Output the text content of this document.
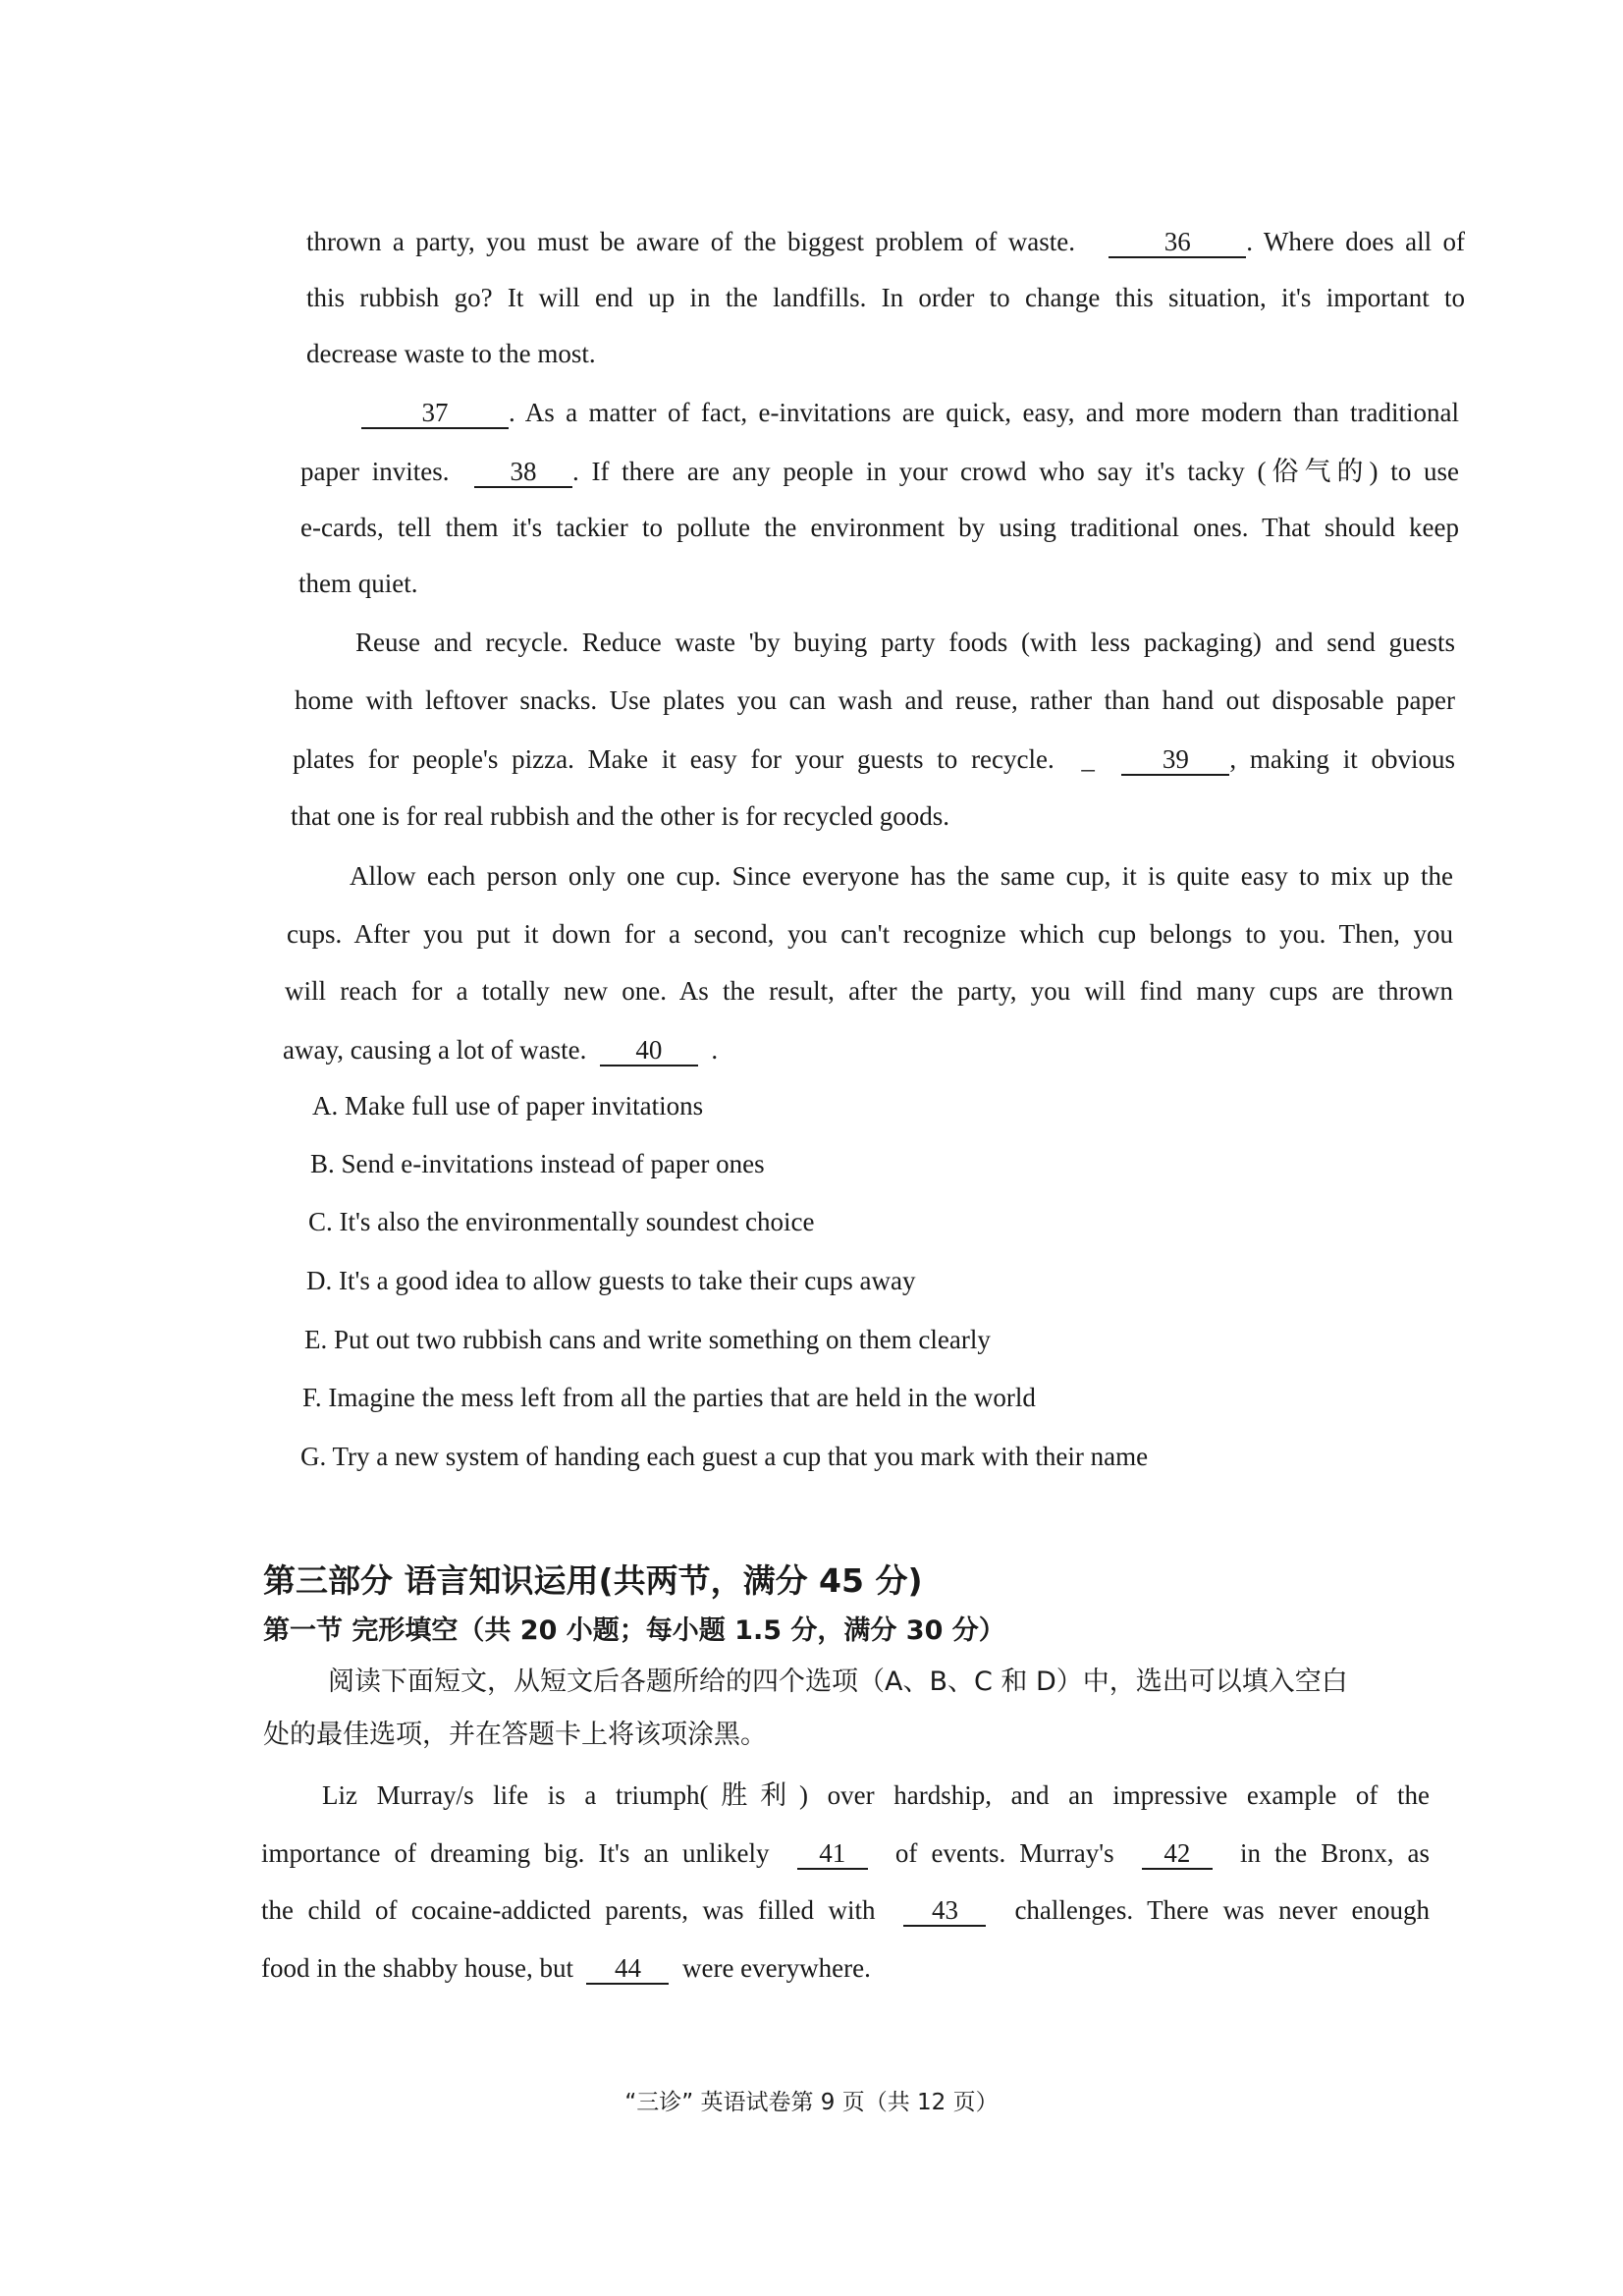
thrown a party, you must be aware of the biggest problem of waste.	36 . Where does all of
this rubbish go? It will end up in the landfills. In order to change this situation, it's important to
decrease waste to the most.
37 . As a matter of fact, e-invitations are quick, easy, and more modern than traditional
paper invites. 38 . If there are any people in your crowd who say it's tacky (俗气的) to use
e-cards, tell them it's tackier to pollute the environment by using traditional ones. That should keep
them quiet.
Reuse and recycle. Reduce waste 'by buying party foods (with less packaging) and send guests
home with leftover snacks. Use plates you can wash and reuse, rather than hand out disposable paper
plates for people's pizza. Make it easy for your guests to recycle.  _  39 , making it obvious
that one is for real rubbish and the other is for recycled goods.
Allow each person only one cup. Since everyone has the same cup, it is quite easy to mix up the
cups. After you put it down for a second, you can't recognize which cup belongs to you. Then, you
will reach for a totally new one. As the result, after the party, you will find many cups are thrown
away, causing a lot of waste. 40 .
A. Make full use of paper invitations
B. Send e-invitations instead of paper ones
C. It's also the environmentally soundest choice
D. It's a good idea to allow guests to take their cups away
E. Put out two rubbish cans and write something on them clearly
F. Imagine the mess left from all the parties that are held in the world
G. Try a new system of handing each guest a cup that you mark with their name
第三部分 语言知识运用(共两节，满分 45 分)
第一节 完形填空（共 20 小题；每小题 1.5 分，满分 30 分）
阅读下面短文，从短文后各题所给的四个选项（A、B、C 和 D）中，选出可以填入空白
处的最佳选项，并在答题卡上将该项涂黑。
Liz Murray/s life is a triumph(胜利) over hardship, and an impressive example of the
importance of dreaming big. It's an unlikely 41 of events. Murray's 42 in the Bronx, as
the child of cocaine-addicted parents, was filled with 43 challenges. There was never enough
food in the shabby house, but 44 were everywhere.
“三诊” 英语试卷第 9 页（共 12 页）
